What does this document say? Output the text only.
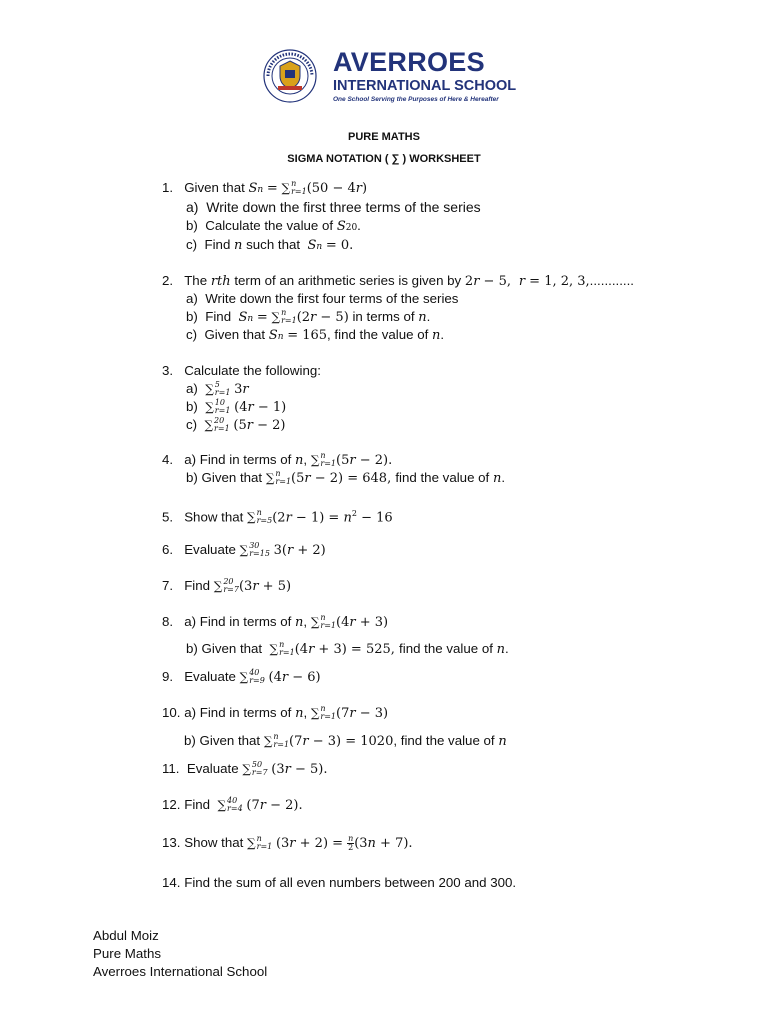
AVERROES
INTERNATIONAL SCHOOL
One School Serving the Purposes of Here & Hereafter
PURE MATHS
SIGMA NOTATION ( ∑ ) WORKSHEET
1. Given that Sn = ∑ n
r=1 (50 − 4r)
a) Write down the first three terms of the series
b) Calculate the value of S20.
c) Find n such that Sn = 0.
2. The rth term of an arithmetic series is given by 2r − 5,  r = 1, 2, 3,............
a) Write down the first four terms of the series
b) Find Sn = ∑ n
r=1 (2r − 5) in terms of n.
c) Given that Sn = 165, find the value of n.
3. Calculate the following:
a) ∑ 5
r=1 3r
b) ∑ 10
r=1 (4r − 1)
c) ∑ 20
r=1 (5r − 2)
4. a) Find in terms of n, ∑ n
r=1 (5r − 2).
b) Given that ∑ n
r=1 (5r − 2) = 648, find the value of n.
5. Show that ∑ n
r=5 $(2r - 1) = n^2 - 16$
6. Evaluate ∑ 30
r=15 3(r + 2)
7. Find ∑ 20
r=7 (3r + 5)
8. a) Find in terms of n, ∑ n
r=1 (4r + 3)
b) Given that ∑ n
r=1 (4r + 3) = 525, find the value of n.
9. Evaluate ∑ 40
r=9 (4r − 6)
10. a) Find in terms of n, ∑ n
r=1 (7r − 3)
b) Given that ∑ n
r=1 (7r − 3) = 1020, find the value of n
11. Evaluate ∑ 50
r=7 (3r − 5).
12. Find ∑ 40
r=4 (7r − 2).
13. Show that ∑ n
r=1 $(3r + 2) = \frac{n}{2} (3n + 7)$.
14. Find the sum of all even numbers between 200 and 300.
Abdul Moiz
Pure Maths
Averroes International School
